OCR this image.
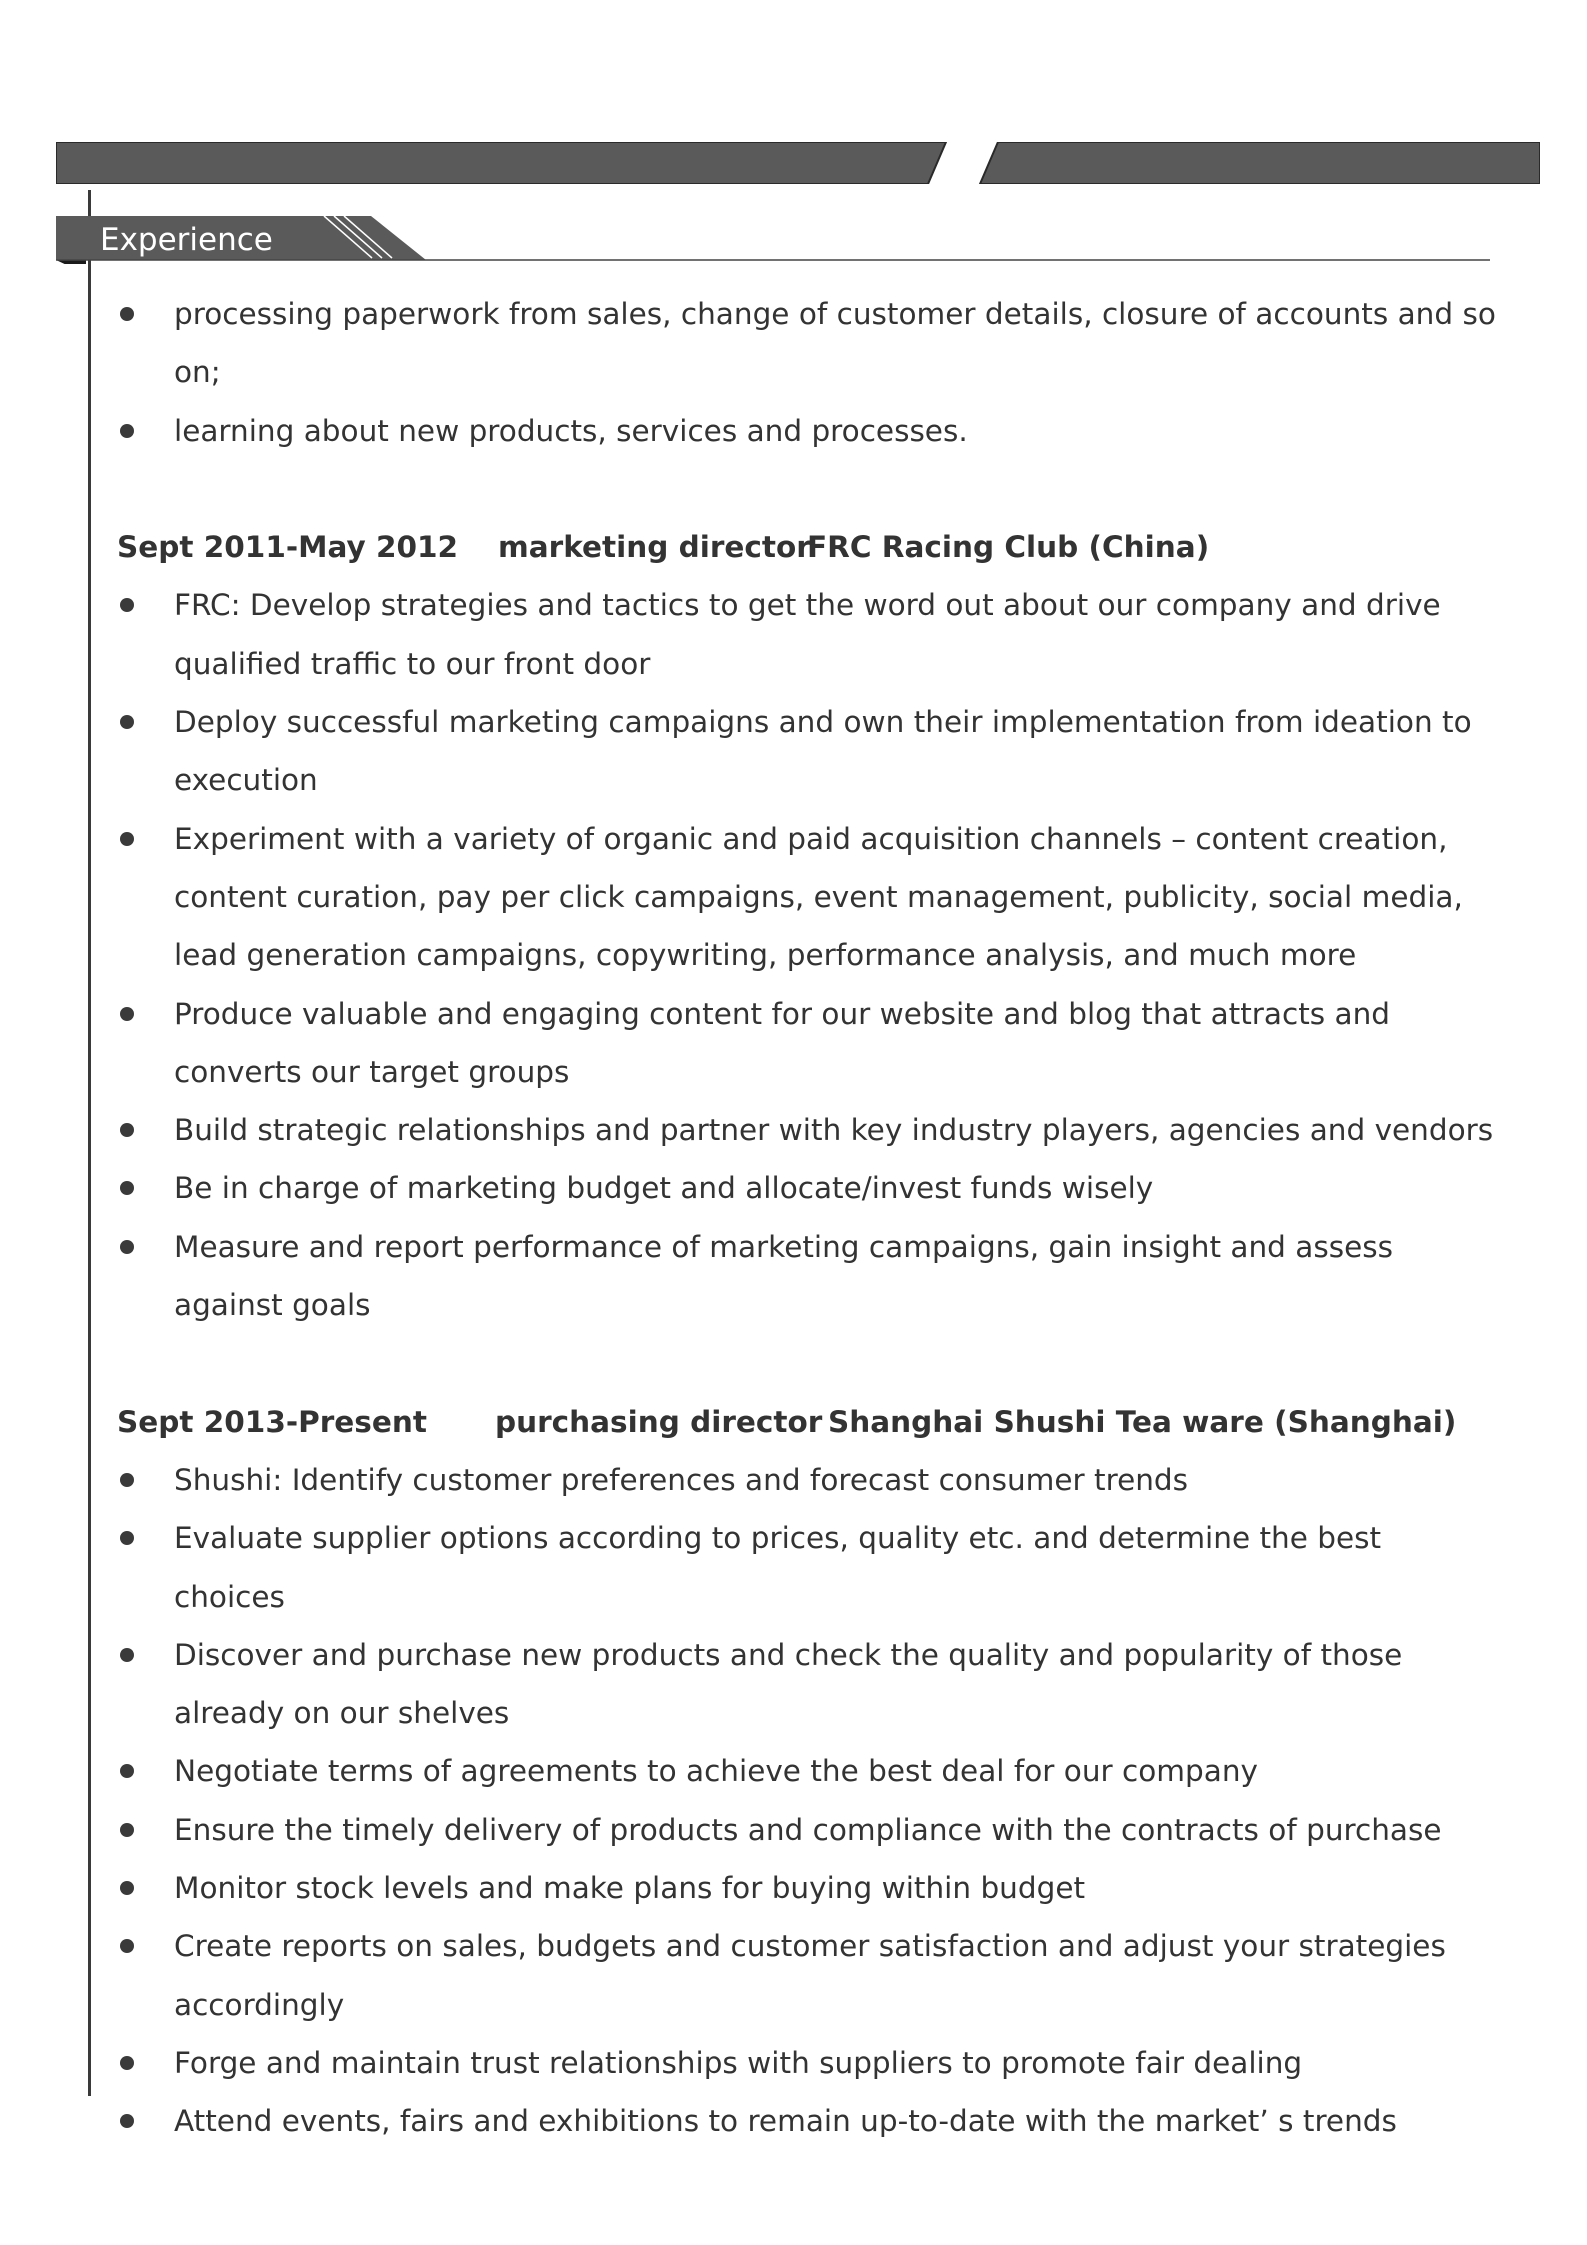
Experience
processing paperwork from sales, change of customer details, closure of accounts and so on;
learning about new products, services and processes.
Sept 2011-May 2012 marketing director
FRC Racing Club (China)
FRC: Develop strategies and tactics to get the word out about our company and drive qualified traffic to our front door
Deploy successful marketing campaigns and own their implementation from ideation to execution
Experiment with a variety of organic and paid acquisition channels – content creation, content curation, pay per click campaigns, event management, publicity, social media, lead generation campaigns, copywriting, performance analysis, and much more
Produce valuable and engaging content for our website and blog that attracts and converts our target groups
Build strategic relationships and partner with key industry players, agencies and vendors
Be in charge of marketing budget and allocate/invest funds wisely
Measure and report performance of marketing campaigns, gain insight and assess against goals
Sept 2013-Present purchasing director Shanghai Shushi Tea ware (Shanghai)
Shushi: Identify customer preferences and forecast consumer trends
Evaluate supplier options according to prices, quality etc. and determine the best choices
Discover and purchase new products and check the quality and popularity of those already on our shelves
Negotiate terms of agreements to achieve the best deal for our company
Ensure the timely delivery of products and compliance with the contracts of purchase
Monitor stock levels and make plans for buying within budget
Create reports on sales, budgets and customer satisfaction and adjust your strategies accordingly
Forge and maintain trust relationships with suppliers to promote fair dealing
Attend events, fairs and exhibitions to remain up-to-date with the market’ s trends
